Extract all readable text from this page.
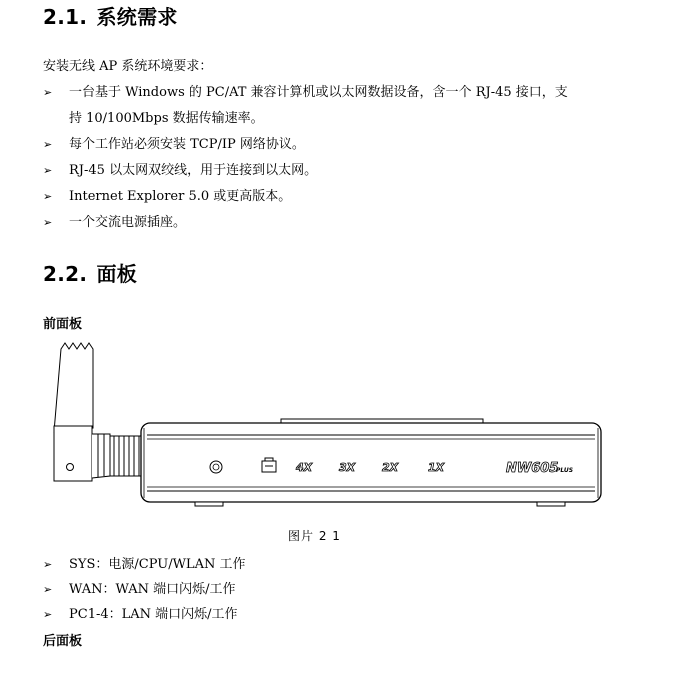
2.1. 系统需求
安装无线 AP 系统环境要求：
➢ 一台基于 Windows 的 PC/AT 兼容计算机或以太网数据设备，含一个 RJ-45 接口，支
持 10/100Mbps 数据传输速率。
➢ 每个工作站必须安装 TCP/IP 网络协议。
➢ RJ-45 以太网双绞线，用于连接到以太网。
➢ Internet Explorer 5.0 或更高版本。
➢ 一个交流电源插座。
2.2. 面板
前面板
4X 3X 2X	1X	NW605
PLUS
图片 2 1
➢ SYS：电源/CPU/WLAN 工作
➢ WAN：WAN 端口闪烁/工作
➢ PC1-4：LAN 端口闪烁/工作
后面板
